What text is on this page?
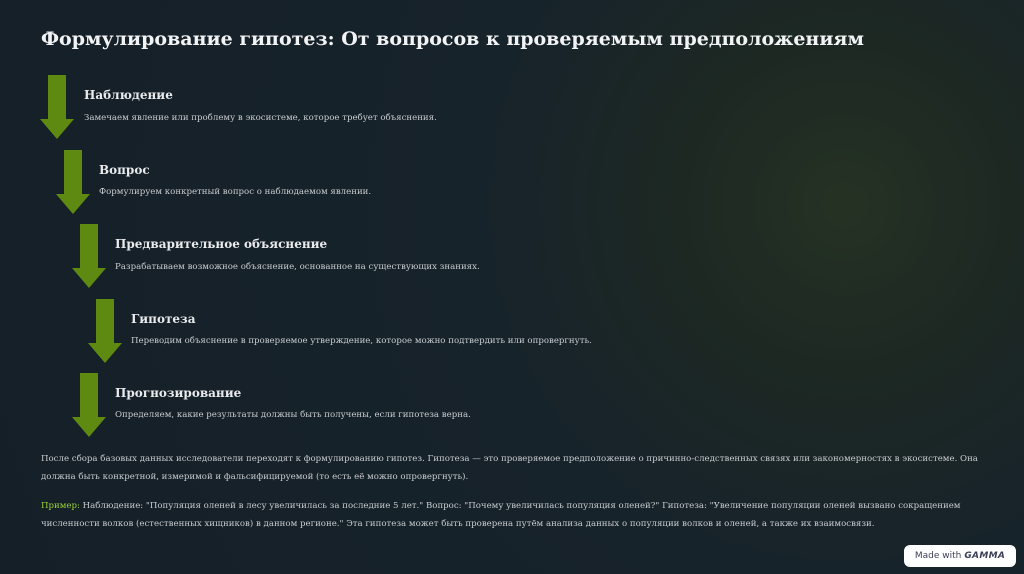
Формулирование гипотез: От вопросов к проверяемым предположениям
Наблюдение
Замечаем явление или проблему в экосистеме, которое требует объяснения.
Вопрос
Формулируем конкретный вопрос о наблюдаемом явлении.
Предварительное объяснение
Разрабатываем возможное объяснение, основанное на существующих знаниях.
Гипотеза
Переводим объяснение в проверяемое утверждение, которое можно подтвердить или опровергнуть.
Прогнозирование
Определяем, какие результаты должны быть получены, если гипотеза верна.
После сбора базовых данных исследователи переходят к формулированию гипотез. Гипотеза — это проверяемое предположение о причинно-следственных связях или закономерностях в экосистеме. Она должна быть конкретной, измеримой и фальсифицируемой (то есть её можно опровергнуть).
Пример: Наблюдение: "Популяция оленей в лесу увеличилась за последние 5 лет." Вопрос: "Почему увеличилась популяция оленей?" Гипотеза: "Увеличение популяции оленей вызвано сокращением численности волков (естественных хищников) в данном регионе." Эта гипотеза может быть проверена путём анализа данных о популяции волков и оленей, а также их взаимосвязи.
Made with GAMMA
